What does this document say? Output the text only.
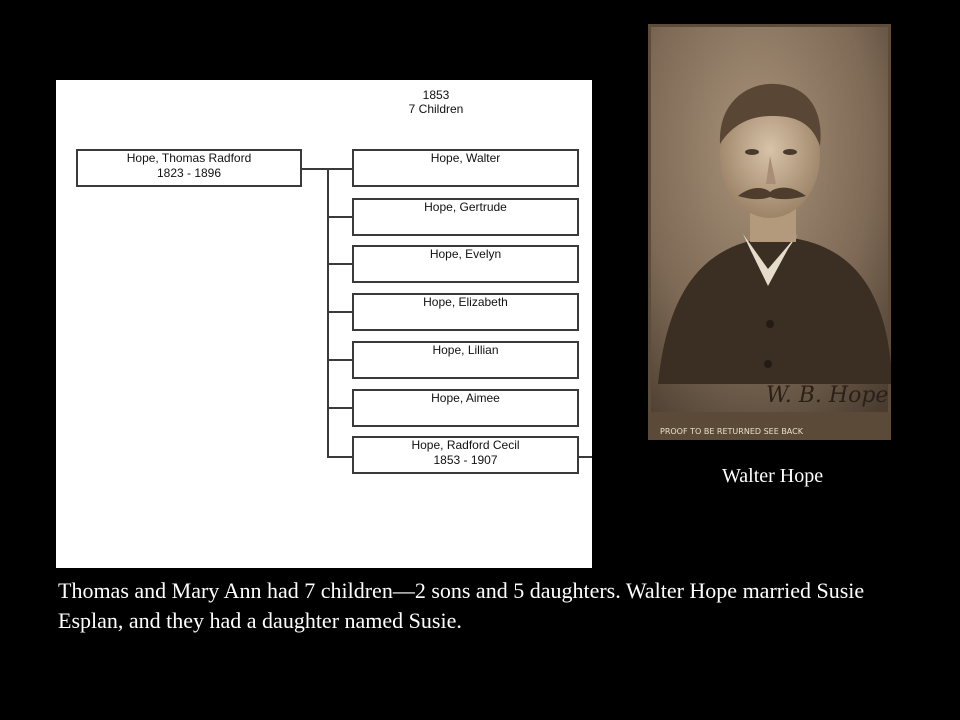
1853
7 Children
Hope, Thomas Radford
1823 - 1896
Hope, Walter
Hope, Gertrude
Hope, Evelyn
Hope, Elizabeth
Hope, Lillian
Hope, Aimee
Hope, Radford Cecil
1853 - 1907
W. B. Hope
PROOF TO BE RETURNED SEE BACK
Walter Hope

Thomas and Mary Ann had 7 children—2 sons and 5 daughters. Walter Hope married Susie Esplan, and they had a daughter named Susie.
